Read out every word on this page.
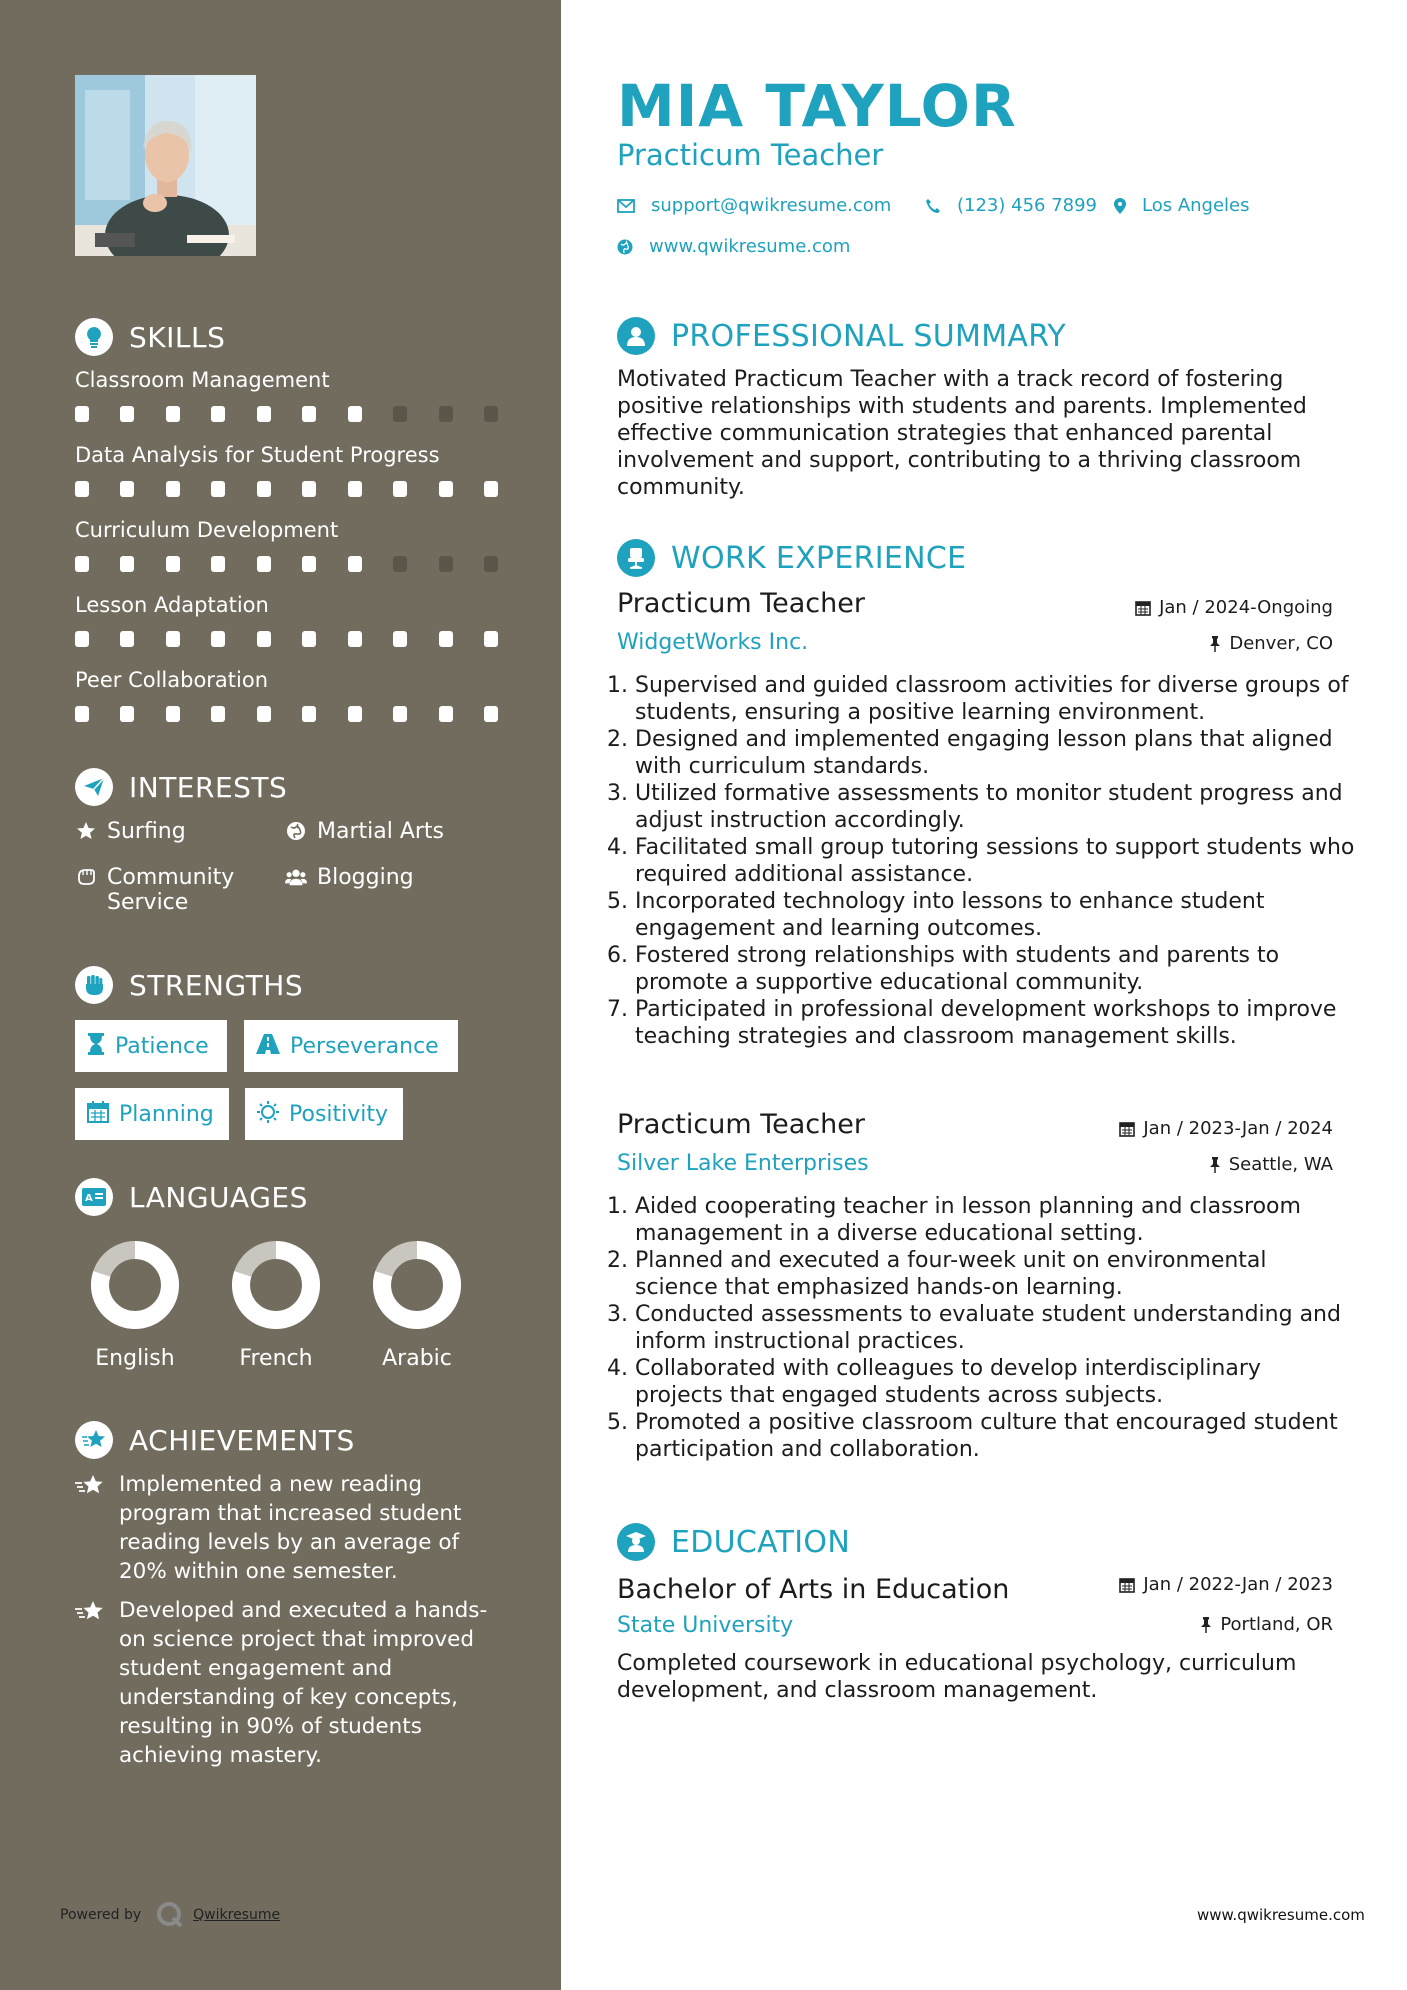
SKILLS
Classroom Management
Data Analysis for Student Progress
Curriculum Development
Lesson Adaptation
Peer Collaboration
INTERESTS
Surfing	Martial Arts
Community Service
Blogging
STRENGTHS
Patience	Perseverance
Planning	Positivity
A LANGUAGES
English	French	Arabic
ACHIEVEMENTS
Implemented a new reading program that increased student reading levels by an average of 20% within one semester.
Developed and executed a hands-on science project that improved student engagement and understanding of key concepts, resulting in 90% of students achieving mastery.
Powered by	Qwikresume
MIA TAYLOR
Practicum Teacher
support@qwikresume.com	(123) 456 7899 Los Angeles
www.qwikresume.com
PROFESSIONAL SUMMARY
Motivated Practicum Teacher with a track record of fostering positive relationships with students and parents. Implemented effective communication strategies that enhanced parental involvement and support, contributing to a thriving classroom community.
WORK EXPERIENCE
Practicum Teacher	Jan / 2024-Ongoing
WidgetWorks Inc.	Denver, CO
1. Supervised and guided classroom activities for diverse groups of students, ensuring a positive learning environment.
2. Designed and implemented engaging lesson plans that aligned with curriculum standards.
3. Utilized formative assessments to monitor student progress and adjust instruction accordingly.
4. Facilitated small group tutoring sessions to support students who required additional assistance.
5. Incorporated technology into lessons to enhance student engagement and learning outcomes.
6. Fostered strong relationships with students and parents to promote a supportive educational community.
7. Participated in professional development workshops to improve teaching strategies and classroom management skills.
Practicum Teacher	Jan / 2023-Jan / 2024
Silver Lake Enterprises	Seattle, WA
1. Aided cooperating teacher in lesson planning and classroom management in a diverse educational setting.
2. Planned and executed a four-week unit on environmental science that emphasized hands-on learning.
3. Conducted assessments to evaluate student understanding and inform instructional practices.
4. Collaborated with colleagues to develop interdisciplinary projects that engaged students across subjects.
5. Promoted a positive classroom culture that encouraged student participation and collaboration.
EDUCATION
Bachelor of Arts in Education	Jan / 2022-Jan / 2023
State University	Portland, OR
Completed coursework in educational psychology, curriculum development, and classroom management.
www.qwikresume.com
